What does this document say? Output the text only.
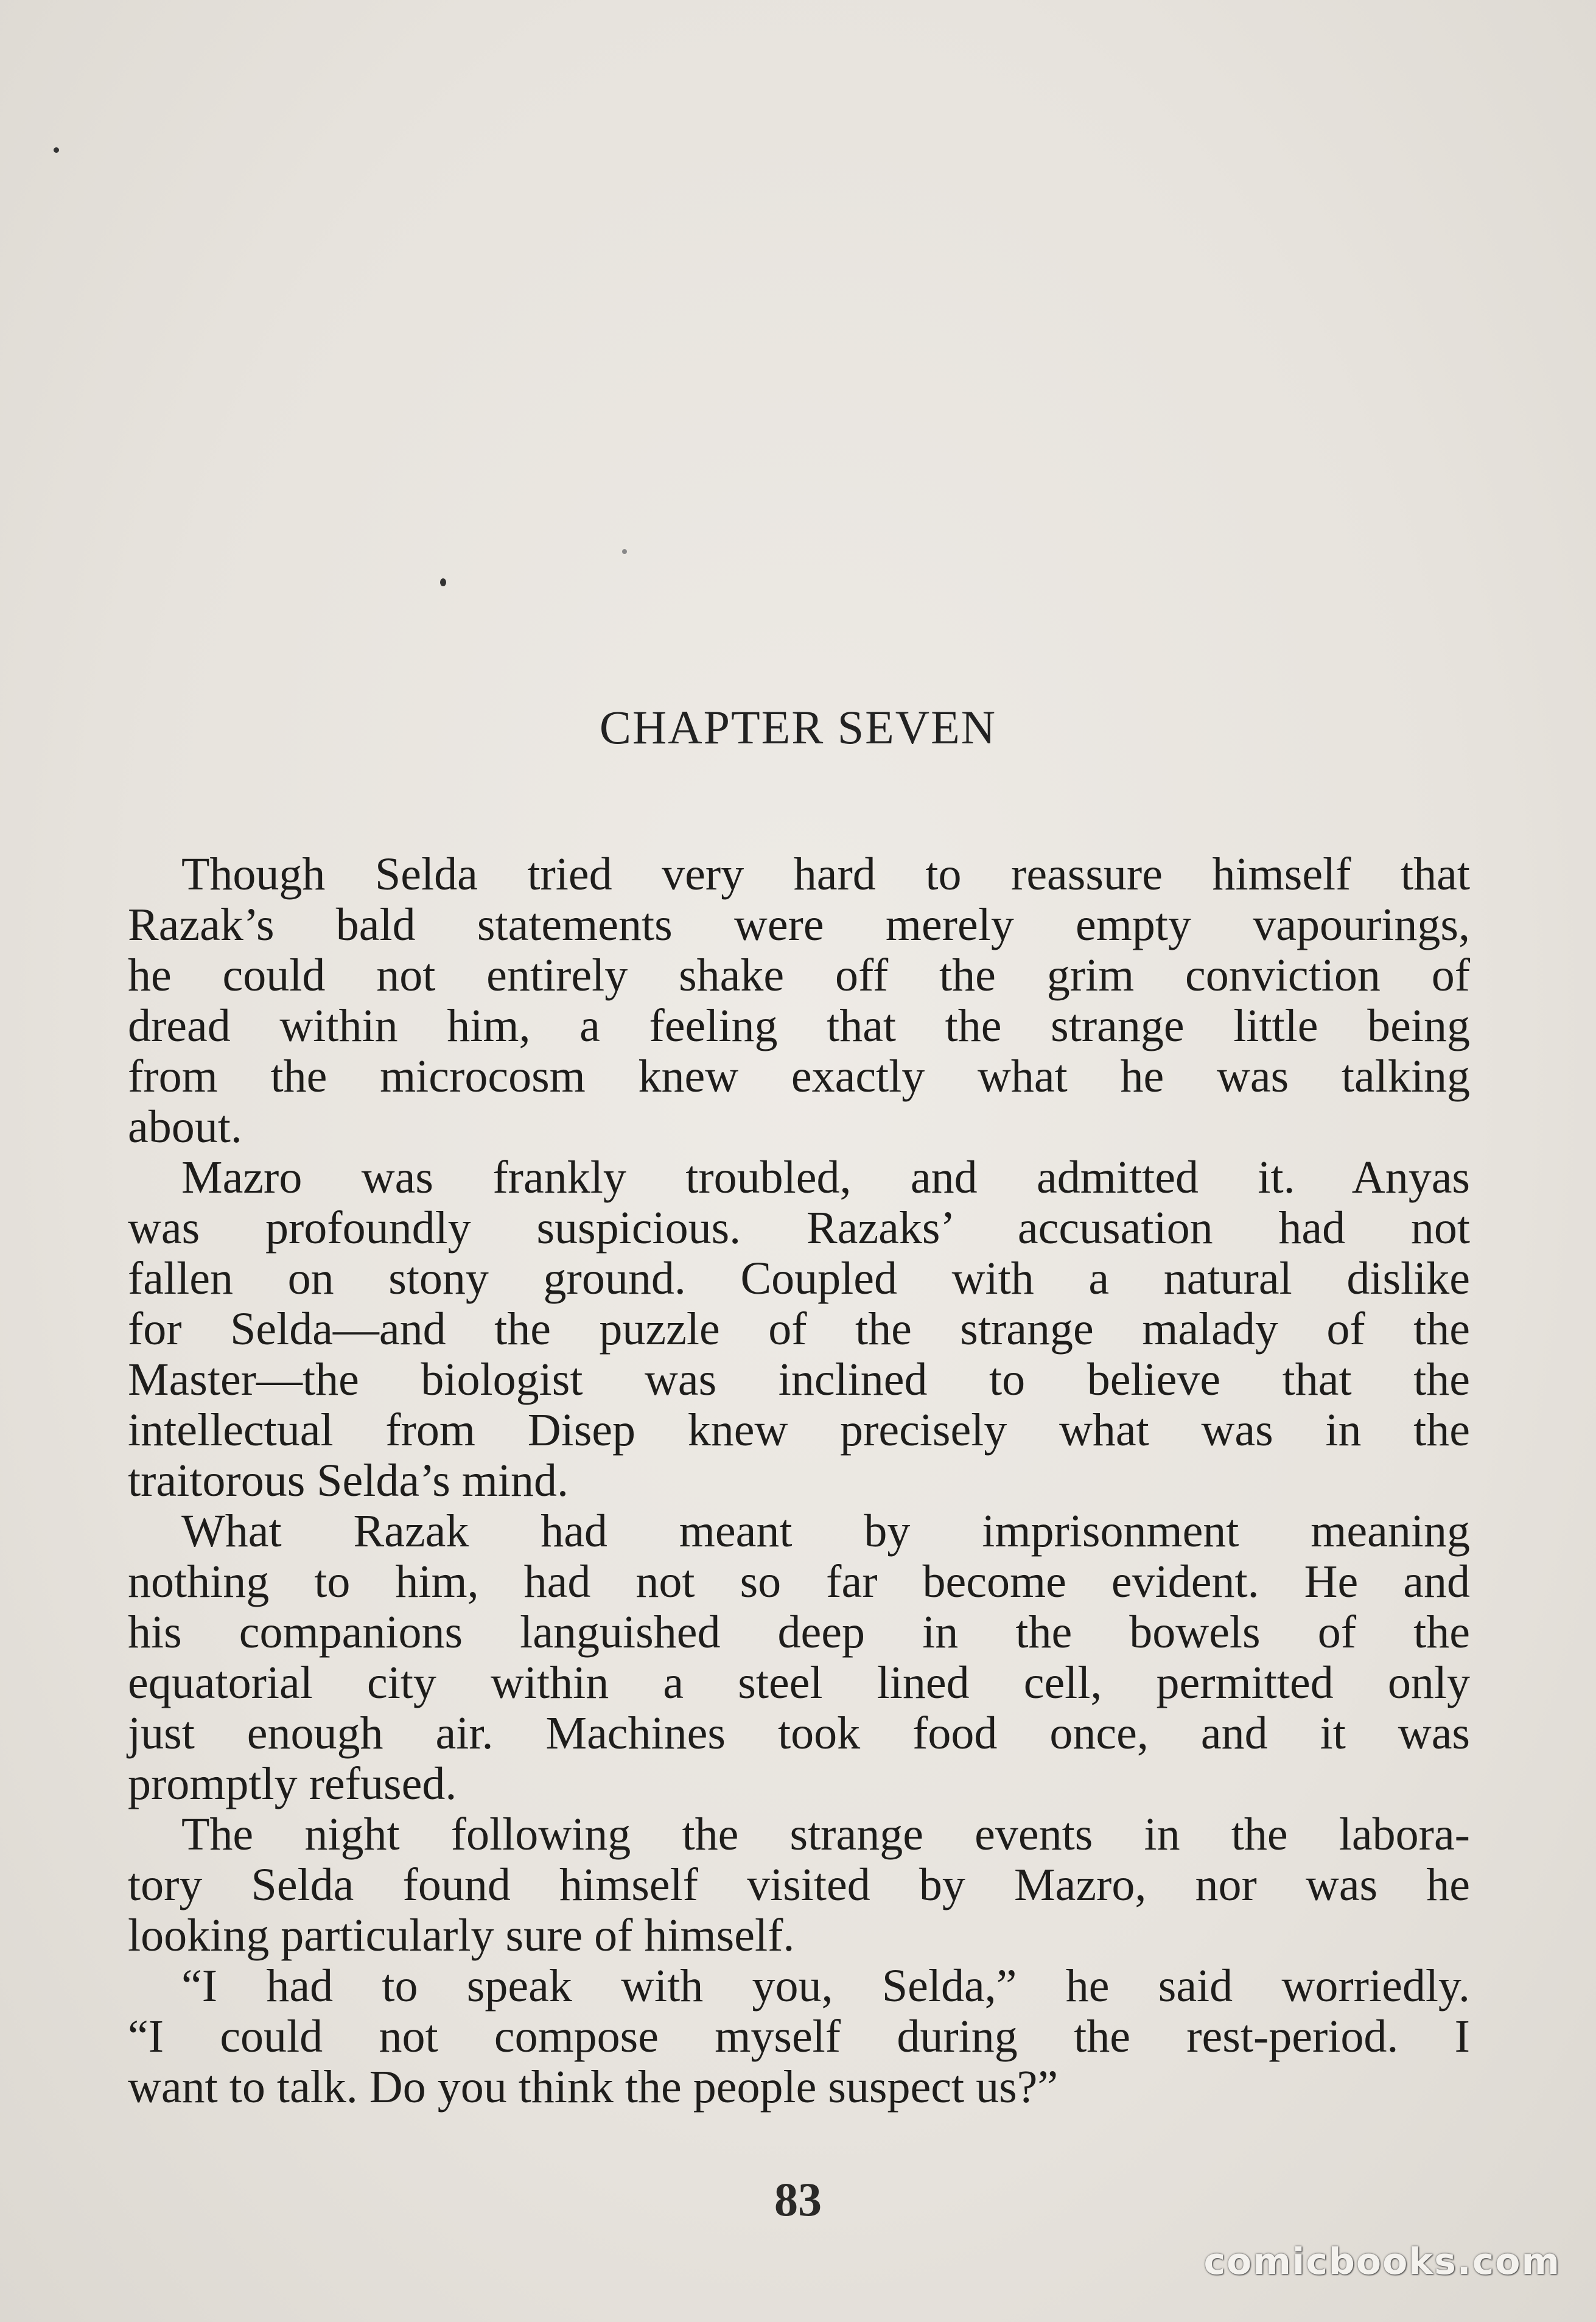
CHAPTER SEVEN
Though Selda tried very hard to reassure himself that
Razak’s bald statements were merely empty vapourings,
he could not entirely shake off the grim conviction of
dread within him, a feeling that the strange little being
from the microcosm knew exactly what he was talking
about.
Mazro was frankly troubled, and admitted it. Anyas
was profoundly suspicious. Razaks’ accusation had not
fallen on stony ground. Coupled with a natural dislike
for Selda—and the puzzle of the strange malady of the
Master—the biologist was inclined to believe that the
intellectual from Disep knew precisely what was in the
traitorous Selda’s mind.
What Razak had meant by imprisonment meaning
nothing to him, had not so far become evident. He and
his companions languished deep in the bowels of the
equatorial city within a steel lined cell, permitted only
just enough air. Machines took food once, and it was
promptly refused.
The night following the strange events in the labora-
tory Selda found himself visited by Mazro, nor was he
looking particularly sure of himself.
“I had to speak with you, Selda,” he said worriedly.
“I could not compose myself during the rest-period. I
want to talk. Do you think the people suspect us?”
83
comicbooks.com
